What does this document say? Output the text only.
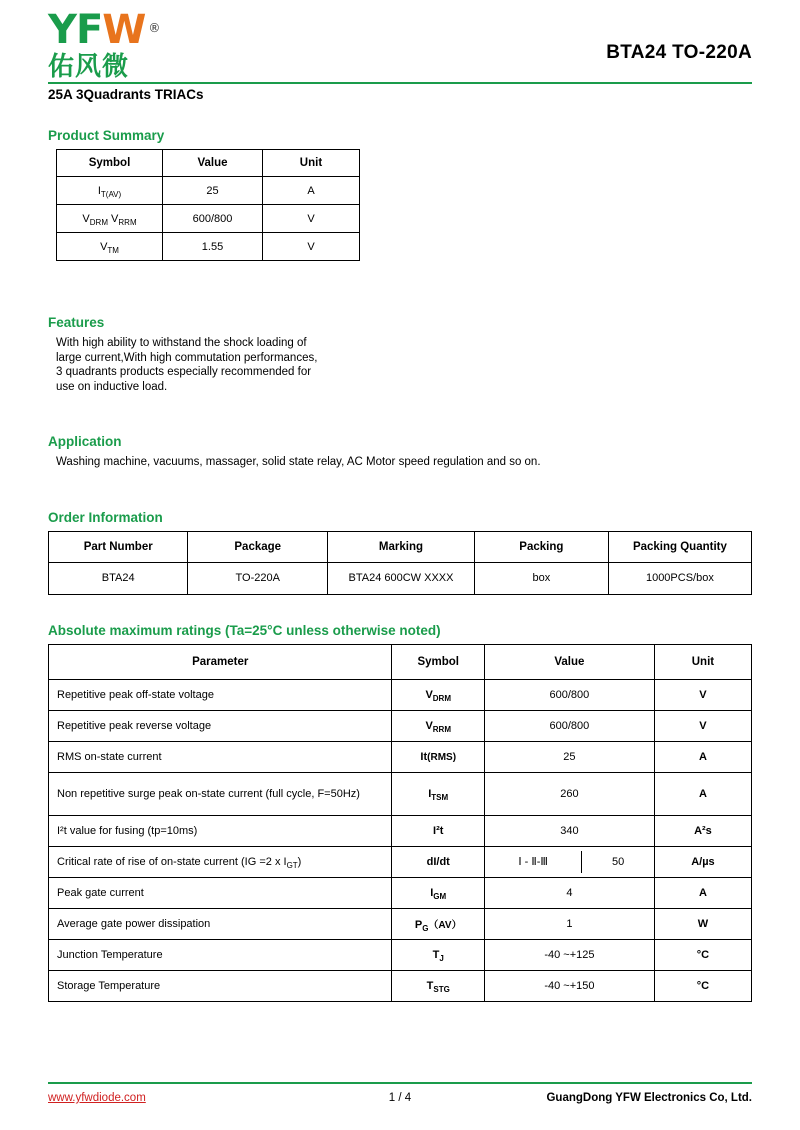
YFW ®
佑风微	BTA24 TO-220A
25A 3Quadrants TRIACs
Product Summary
Symbol	Value	Unit
$I_{T(AV)}$	25	A
$V_{DRM}$ $V_{RRM}$	600/800	V
$V_{TM}$	1.55	V
Features
With high ability to withstand the shock loading of
large current,With high commutation performances,
3 quadrants products especially recommended for
use on inductive load.
Application
Washing machine, vacuums, massager, solid state relay, AC Motor speed regulation and so on.
Order Information
Part Number	Package	Marking	Packing	Packing Quantity
BTA24	TO-220A	BTA24 600CW XXXX	box	1000PCS/box
Absolute maximum ratings (Ta=25°C unless otherwise noted)
Parameter	Symbol	Value	Unit
Repetitive peak off-state voltage	$V_{DRM}$	600/800	V
Repetitive peak reverse voltage	$V_{RRM}$	600/800	V
RMS on-state current	It(RMS)	25	A
Non repetitive surge peak on-state current (full cycle, F=50Hz)	$I_{TSM}$	260	A
I²t value for fusing (tp=10ms)	I²t	340	A²s
Critical rate of rise of on-state current (IG =2 x $I_{GT}$)	dI/dt	Ⅰ - Ⅱ-Ⅲ 50	A/µs
Peak gate current	$I_{GM}$	4	A
Average gate power dissipation	$P_G(AV)$	1	W
Junction Temperature	$T_J$	-40 ~+125	°C
Storage Temperature	$T_{STG}$	-40 ~+150	°C
www.yfwdiode.com	1 / 4	GuangDong YFW Electronics Co, Ltd.
